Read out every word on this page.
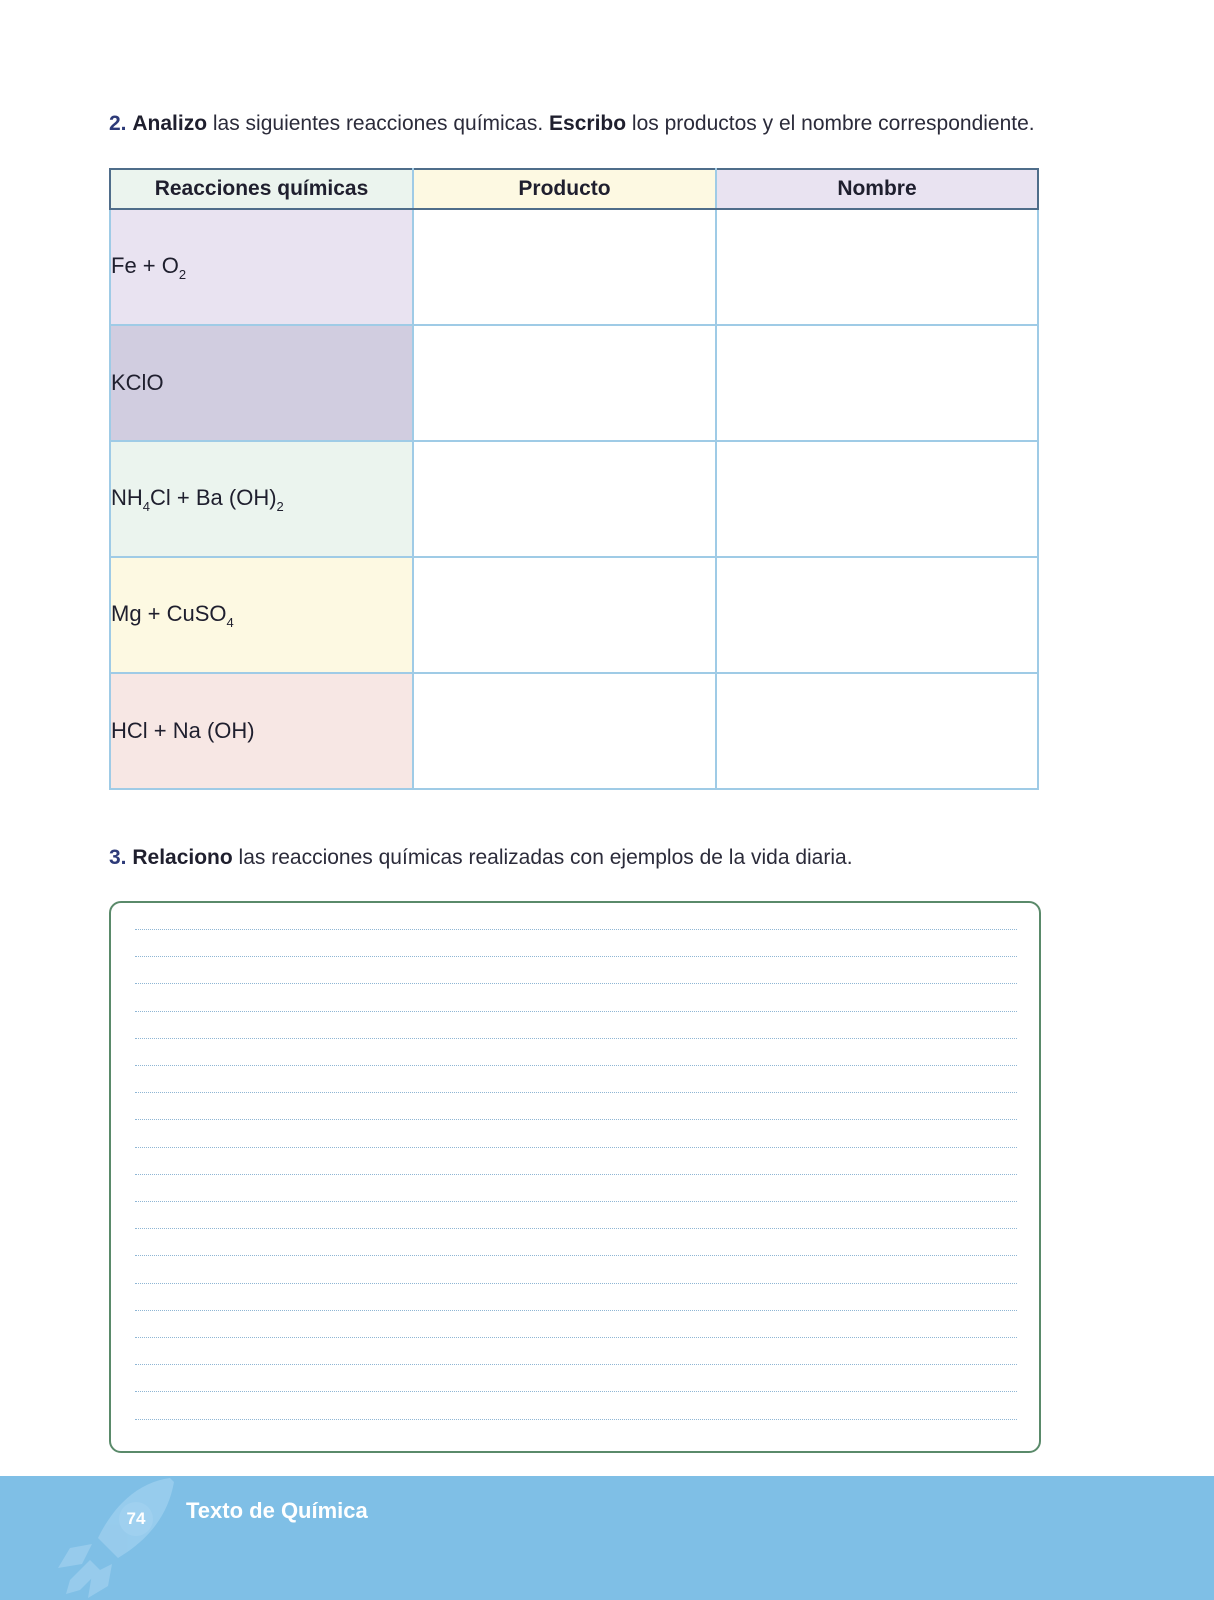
2. Analizo las siguientes reacciones químicas. Escribo los productos y el nombre correspondiente.
Reacciones químicas	Producto	Nombre
$Fe + O_2$		
KClO		
$NH_4Cl + Ba$ $(OH)_2$		
Mg + CuSO$_4$		
HCl + Na (OH)		
3. Relaciono las reacciones químicas realizadas con ejemplos de la vida diaria.
74	Texto de Química
